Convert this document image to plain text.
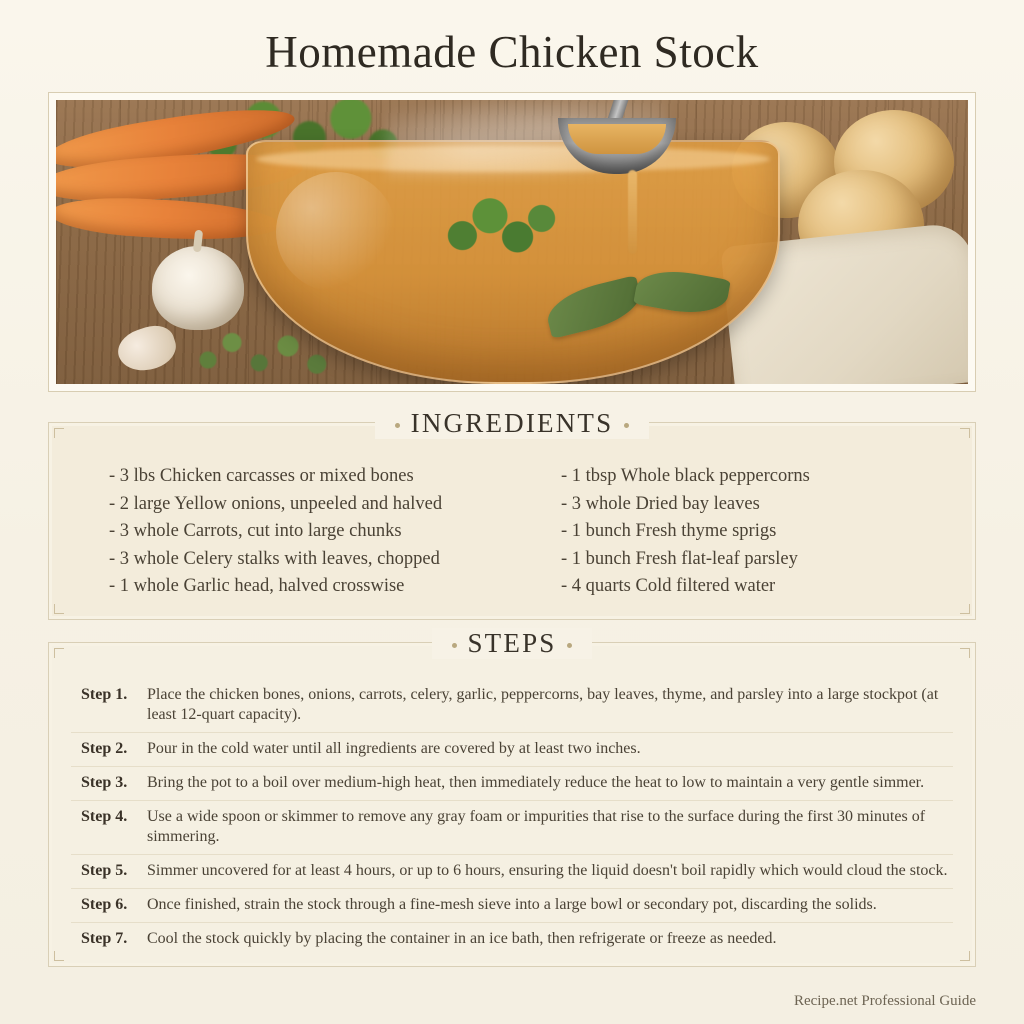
Homemade Chicken Stock
INGREDIENTS
- 3 lbs Chicken carcasses or mixed bones
- 2 large Yellow onions, unpeeled and halved
- 3 whole Carrots, cut into large chunks
- 3 whole Celery stalks with leaves, chopped
- 1 whole Garlic head, halved crosswise
- 1 tbsp Whole black peppercorns
- 3 whole Dried bay leaves
- 1 bunch Fresh thyme sprigs
- 1 bunch Fresh flat-leaf parsley
- 4 quarts Cold filtered water
STEPS
Step 1.	Place the chicken bones, onions, carrots, celery, garlic, peppercorns, bay leaves, thyme, and parsley into a large stockpot (at least 12-quart capacity).
Step 2.	Pour in the cold water until all ingredients are covered by at least two inches.
Step 3.	Bring the pot to a boil over medium-high heat, then immediately reduce the heat to low to maintain a very gentle simmer.
Step 4.	Use a wide spoon or skimmer to remove any gray foam or impurities that rise to the surface during the first 30 minutes of simmering.
Step 5.	Simmer uncovered for at least 4 hours, or up to 6 hours, ensuring the liquid doesn't boil rapidly which would cloud the stock.
Step 6.	Once finished, strain the stock through a fine-mesh sieve into a large bowl or secondary pot, discarding the solids.
Step 7.	Cool the stock quickly by placing the container in an ice bath, then refrigerate or freeze as needed.
Recipe.net Professional Guide
